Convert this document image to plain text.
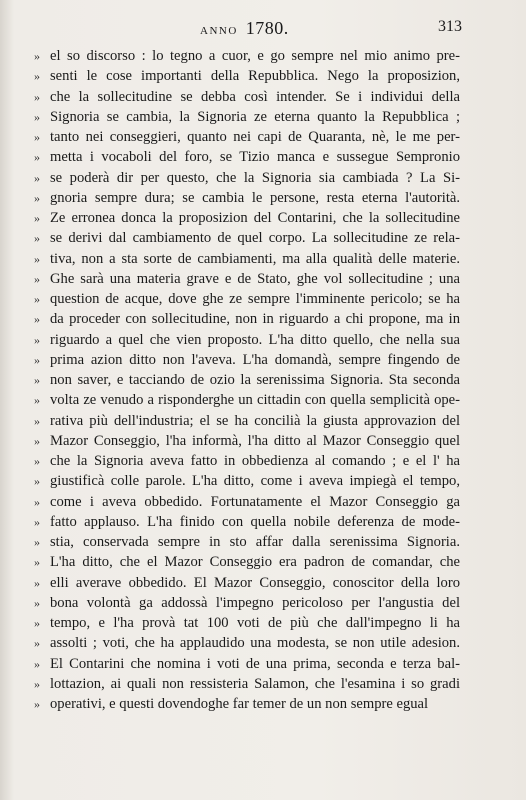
ANNO 1780.	313
» el so discorso : lo tegno a cuor, e go sempre nel mio animo pre-
» senti le cose importanti della Repubblica. Nego la proposizion,
» che la sollecitudine se debba così intender. Se i individui della
» Signoria se cambia, la Signoria ze eterna quanto la Repubblica ;
» tanto nei conseggieri, quanto nei capi de Quaranta, nè, le me per-
» metta i vocaboli del foro, se Tizio manca e sussegue Sempronio
» se poderà dir per questo, che la Signoria sia cambiada ? La Si-
» gnoria sempre dura; se cambia le persone, resta eterna l'autorità.
» Ze erronea donca la proposizion del Contarini, che la sollecitudine
» se derivi dal cambiamento de quel corpo. La sollecitudine ze rela-
» tiva, non a sta sorte de cambiamenti, ma alla qualità delle materie.
» Ghe sarà una materia grave e de Stato, ghe vol sollecitudine ; una
» question de acque, dove ghe ze sempre l'imminente pericolo; se ha
» da proceder con sollecitudine, non in riguardo a chi propone, ma in
» riguardo a quel che vien proposto. L'ha ditto quello, che nella sua
» prima azion ditto non l'aveva. L'ha domandà, sempre fingendo de
» non saver, e tacciando de ozio la serenissima Signoria. Sta seconda
» volta ze venudo a risponderghe un cittadin con quella semplicità ope-
» rativa più dell'industria; el se ha concilià la giusta approvazion del
» Mazor Conseggio, l'ha informà, l'ha ditto al Mazor Conseggio quel
» che la Signoria aveva fatto in obbedienza al comando ; e el l' ha
» giustificà colle parole. L'ha ditto, come i aveva impiegà el tempo,
» come i aveva obbedido. Fortunatamente el Mazor Conseggio ga
» fatto applauso. L'ha finido con quella nobile deferenza de mode-
» stia, conservada sempre in sto affar dalla serenissima Signoria.
» L'ha ditto, che el Mazor Conseggio era padron de comandar, che
» elli averave obbedido. El Mazor Conseggio, conoscitor della loro
» bona volontà ga addossà l'impegno pericoloso per l'angustia del
» tempo, e l'ha provà tat 100 voti de più che dall'impegno li ha
» assolti ; voti, che ha applaudido una modesta, se non utile adesion.
» El Contarini che nomina i voti de una prima, seconda e terza bal-
» lottazion, ai quali non ressisteria Salamon, che l'esamina i so gradi
» operativi, e questi dovendoghe far temer de un non sempre egual
